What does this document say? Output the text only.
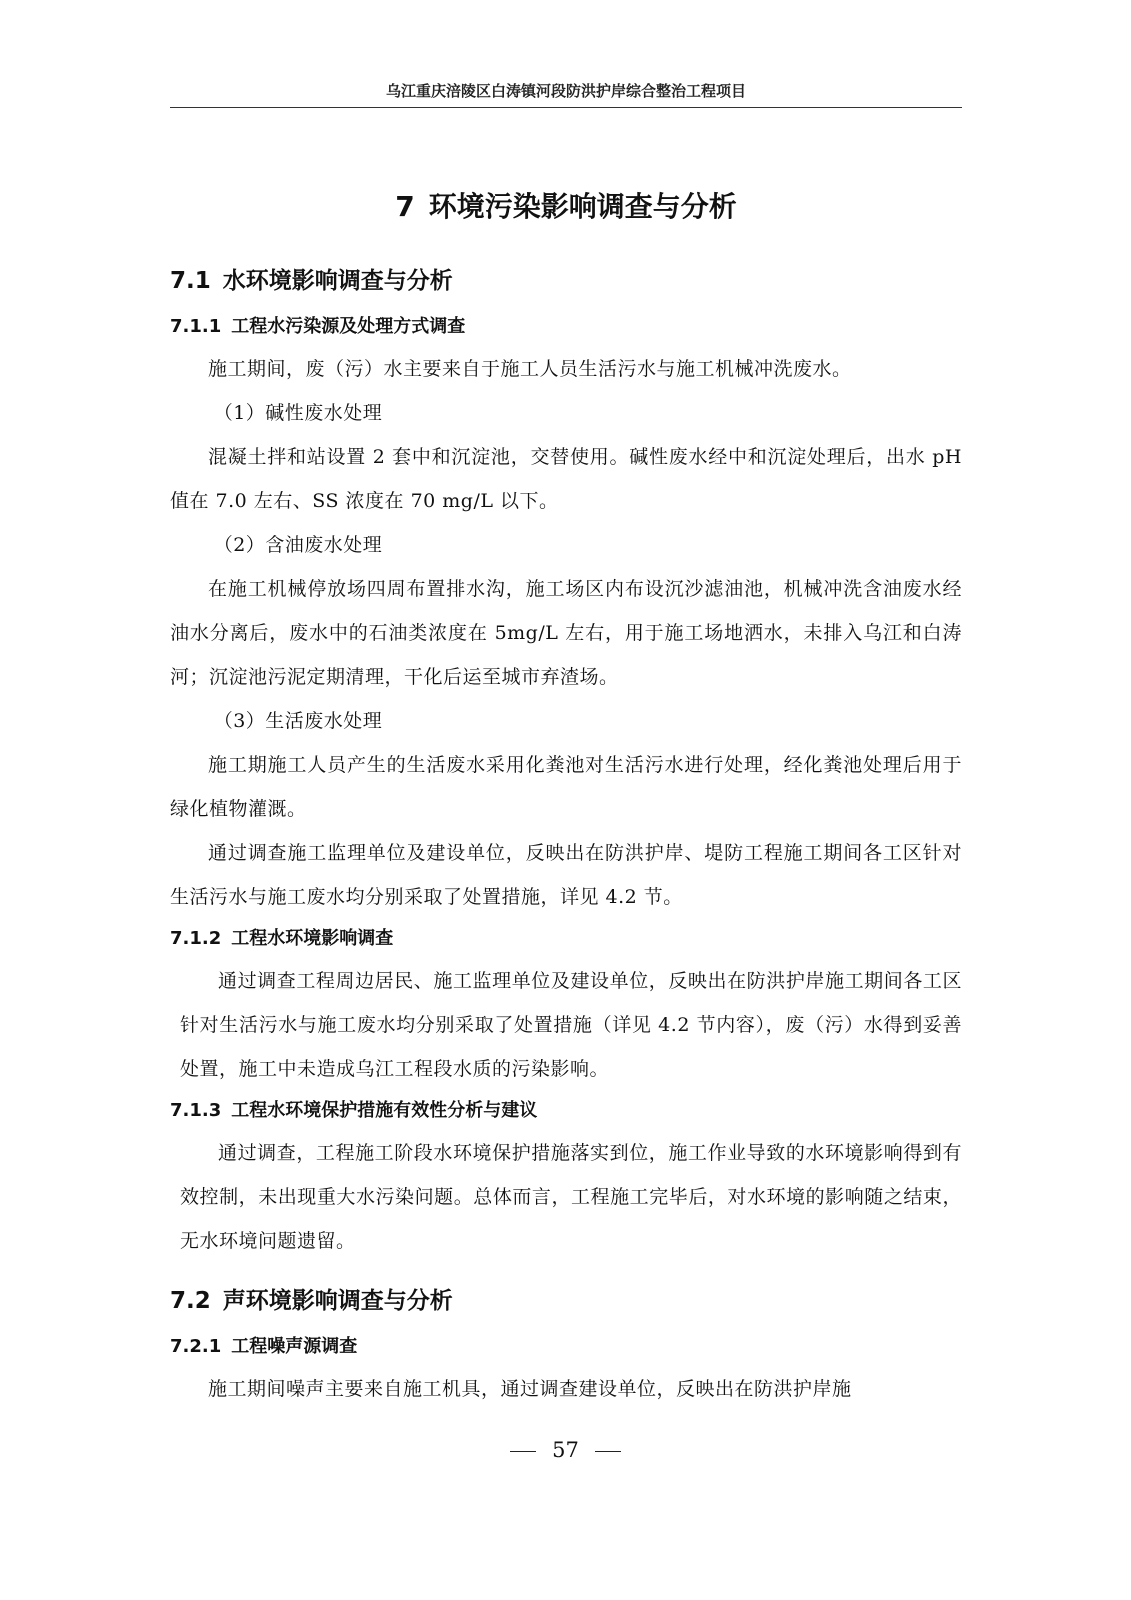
乌江重庆涪陵区白涛镇河段防洪护岸综合整治工程项目
7 环境污染影响调查与分析
7.1 水环境影响调查与分析
7.1.1 工程水污染源及处理方式调查

施工期间，废（污）水主要来自于施工人员生活污水与施工机械冲洗废水。

（1）碱性废水处理

混凝土拌和站设置 2 套中和沉淀池，交替使用。碱性废水经中和沉淀处理后，出水 pH 值在 7.0 左右、SS 浓度在 70 mg/L 以下。

（2）含油废水处理

在施工机械停放场四周布置排水沟，施工场区内布设沉沙滤油池，机械冲洗含油废水经油水分离后，废水中的石油类浓度在 5mg/L 左右，用于施工场地洒水，未排入乌江和白涛河；沉淀池污泥定期清理，干化后运至城市弃渣场。

（3）生活废水处理

施工期施工人员产生的生活废水采用化粪池对生活污水进行处理，经化粪池处理后用于绿化植物灌溉。

通过调查施工监理单位及建设单位，反映出在防洪护岸、堤防工程施工期间各工区针对生活污水与施工废水均分别采取了处置措施，详见 4.2 节。

7.1.2 工程水环境影响调查

通过调查工程周边居民、施工监理单位及建设单位，反映出在防洪护岸施工期间各工区针对生活污水与施工废水均分别采取了处置措施（详见 4.2 节内容），废（污）水得到妥善处置，施工中未造成乌江工程段水质的污染影响。

7.1.3 工程水环境保护措施有效性分析与建议

通过调查，工程施工阶段水环境保护措施落实到位，施工作业导致的水环境影响得到有效控制，未出现重大水污染问题。总体而言，工程施工完毕后，对水环境的影响随之结束，无水环境问题遗留。

7.2 声环境影响调查与分析
7.2.1 工程噪声源调查

施工期间噪声主要来自施工机具，通过调查建设单位，反映出在防洪护岸施

57
